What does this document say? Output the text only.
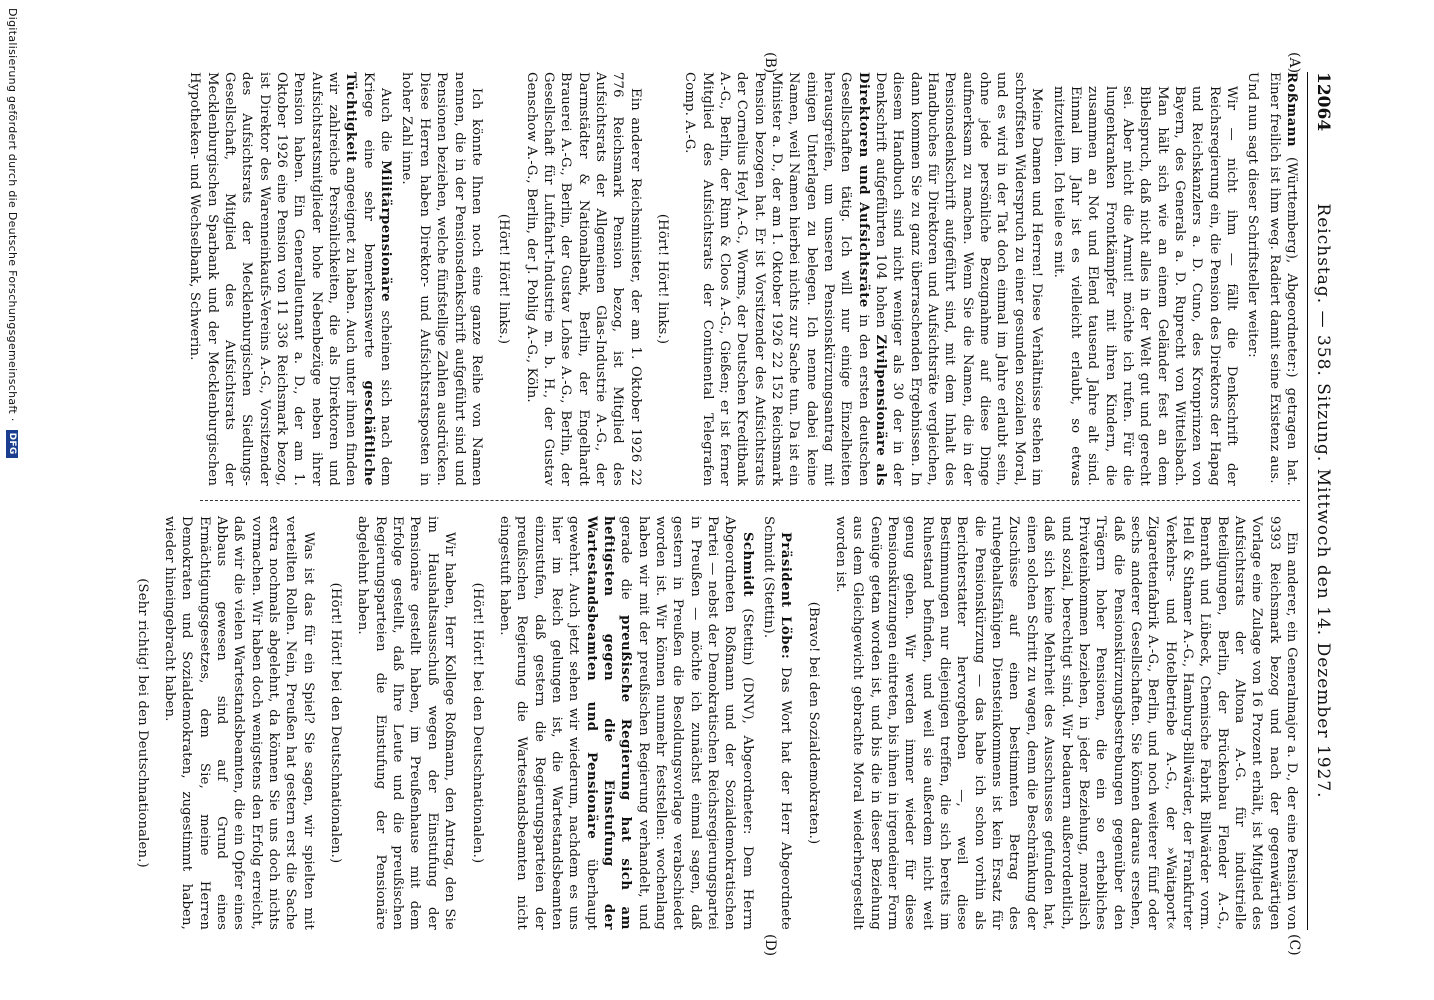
12064
Reichstag. — 358. Sitzung. Mittwoch den 14. Dezember 1927.
(A)
(B)
(C)
(D)

Roßmann (Württemberg), Abgeordneter:) getragen hat. Einer freilich ist ihm weg. Radiert damit seine Existenz aus.

Und nun sagt dieser Schriftsteller weiter:

Wir — nicht ihm — fällt die Denkschrift der Reichsregierung ein, die Pension des Direktors der Hapag und Reichskanzlers a. D. Cuno, des Kronprinzen von Bayern, des Generals a. D. Ruprecht von Wittelsbach. Man hält sich wie an einem Geländer fest an dem Bibelspruch, daß nicht alles in der Welt gut und gerecht sei. Aber nicht die Armut! möchte ich rufen. Für die lungenkranken Frontkämpfer mit ihren Kindern, die zusammen an Not und Elend tausend Jahre alt sind. Einmal im Jahr ist es vielleicht erlaubt, so etwas mitzuteilen. Ich teile es mit.

Meine Damen und Herren! Diese Verhältnisse stehen im schroffsten Widerspruch zu einer gesunden sozialen Moral, und es wird in der Tat doch einmal im Jahre erlaubt sein, ohne jede persönliche Bezugnahme auf diese Dinge aufmerksam zu machen. Wenn Sie die Namen, die in der Pensionsdenkschrift aufgeführt sind, mit dem Inhalt des Handbuches für Direktoren und Aufsichtsräte vergleichen, dann kommen Sie zu ganz überraschenden Ergebnissen. In diesem Handbuch sind nicht weniger als 30 der in der Denkschrift aufgeführten 104 hohen Zivilpensionäre als Direktoren und Aufsichtsräte in den ersten deutschen Gesellschaften tätig. Ich will nur einige Einzelheiten herausgreifen, um unseren Pensionskürzungsantrag mit einigen Unterlagen zu belegen. Ich nenne dabei keine Namen, weil Namen hierbei nichts zur Sache tun. Da ist ein Minister a. D., der am 1. Oktober 1926 22 152 Reichsmark Pension bezogen hat. Er ist Vorsitzender des Aufsichtsrats der Cornelius Heyl A.-G., Worms, der Deutschen Kreditbank A.-G., Berlin, der Rinn & Cloos A.-G., Gießen; er ist ferner Mitglied des Aufsichtsrats der Continental Telegrafen Comp. A.-G.

(Hört! Hört! links.)

Ein anderer Reichsminister, der am 1. Oktober 1926 22 776 Reichsmark Pension bezog, ist Mitglied des Aufsichtsrats der Allgemeinen Glas-Industrie A.-G., der Darmstädter & Nationalbank, Berlin, der Engelhardt Brauerei A.-G., Berlin, der Gustav Lohse A.-G., Berlin, der Gesellschaft für Luftfahrt-Industrie m. b. H., der Gustav Genschow A.-G., Berlin, der J. Pohlig A.-G., Köln.

(Hört! Hört! links.)

Ich könnte Ihnen noch eine ganze Reihe von Namen nennen, die in der Pensionsdenkschrift aufgeführt sind und Pensionen beziehen, welche fünfstellige Zahlen ausdrücken. Diese Herren haben Direktor- und Aufsichtsratsposten in hoher Zahl inne.

Auch die Militärpensionäre scheinen sich nach dem Kriege eine sehr bemerkenswerte geschäftliche Tüchtigkeit angeeignet zu haben. Auch unter ihnen finden wir zahlreiche Persönlichkeiten, die als Direktoren und Aufsichtsratsmitglieder hohe Nebenbezüge neben ihrer Pension haben. Ein Generalleutnant a. D., der am 1. Oktober 1926 eine Pension von 11 336 Reichsmark bezog, ist Direktor des Warenneinkaufs-Vereins A.-G., Vorsitzender des Aufsichtsrats der Mecklenburgischen Siedlungs-Gesellschaft, Mitglied des Aufsichtsrats der Mecklenburgischen Sparbank und der Mecklenburgischen Hypotheken- und Wechselbank, Schwerin.

Ein anderer, ein Generalmajor a. D., der eine Pension von 9393 Reichsmark bezog und nach der gegenwärtigen Vorlage eine Zulage von 16 Prozent erhält, ist Mitglied des Aufsichtsrats der Altona A.-G. für industrielle Beteiligungen, Berlin, der Brückenbau Flender A.-G., Benrath und Lübeck, Chemische Fabrik Billwärder vorm. Hell & Sthamer A.-G., Hamburg-Billwärder, der Frankfurter Verkehrs- und Hotelbetriebe A.-G., der »Waitaport« Zigarettenfabrik A.-G., Berlin, und noch weiterer fünf oder sechs anderer Gesellschaften. Sie können daraus ersehen, daß die Pensionskürzungsbestrebungen gegenüber den Trägern hoher Pensionen, die ein so erhebliches Privateinkommen beziehen, in jeder Beziehung, moralisch und sozial, berechtigt sind. Wir bedauern außerordentlich, daß sich keine Mehrheit des Ausschusses gefunden hat, einen solchen Schritt zu wagen, denn die Beschränkung der Zuschüsse auf einen bestimmten Betrag des ruhegehaltsfähigen Diensteinkommens ist kein Ersatz für die Pensionskürzung — das habe ich schon vorhin als Berichterstatter hervorgehoben —, weil diese Bestimmungen nur diejenigen treffen, die sich bereits im Ruhestand befinden, und weil sie außerdem nicht weit genug gehen. Wir werden immer wieder für diese Pensionskürzungen eintreten, bis ihnen in irgendeiner Form Genüge getan worden ist, und bis die in dieser Beziehung aus dem Gleichgewicht gebrachte Moral wiederhergestellt worden ist.

(Bravo! bei den Sozialdemokraten.)

Präsident Löbe: Das Wort hat der Herr Abgeordnete Schmidt (Stettin).

Schmidt (Stettin) (DNV), Abgeordneter: Dem Herrn Abgeordneten Roßmann und der Sozialdemokratischen Partei — nebst der Demokratischen Reichsregierungspartei in Preußen — möchte ich zunächst einmal sagen, daß gestern in Preußen die Besoldungsvorlage verabschiedet worden ist. Wir können nunmehr feststellen: wochenlang haben wir mit der preußischen Regierung verhandelt, und gerade die preußische Regierung hat sich am heftigsten gegen die Einstufung der Wartestandsbeamten und Pensionäre überhaupt gewehrt. Auch jetzt sehen wir wiederum, nachdem es uns hier im Reich gelungen ist, die Wartestandsbeamten einzustufen, daß gestern die Regierungsparteien der preußischen Regierung die Wartestandsbeamten nicht eingestuft haben.

(Hört! Hört! bei den Deutschnationalen.)

Wir haben, Herr Kollege Roßmann, den Antrag, den Sie im Haushaltsausschuß wegen der Einstufung der Pensionäre gestellt haben, im Preußenhause mit dem Erfolge gestellt, daß Ihre Leute und die preußischen Regierungsparteien die Einstufung der Pensionäre abgelehnt haben.

(Hört! Hört! bei den Deutschnationalen.)

Was ist das für ein Spiel? Sie sagen, wir spielten mit verteilten Rollen. Nein, Preußen hat gestern erst die Sache extra nochmals abgelehnt, da können Sie uns doch nichts vormachen. Wir haben doch wenigstens den Erfolg erreicht, daß wir die vielen Wartestandsbeamten, die ein Opfer eines Abbaus gewesen sind auf Grund eines Ermächtigungsgesetzes, dem Sie, meine Herren Demokraten und Sozialdemokraten, zugestimmt haben, wieder hineingebracht haben.

(Sehr richtig! bei den Deutschnationalen.)

Digitalisierung gefördert durch die Deutsche Forschungsgemeinschaft ·DFG
